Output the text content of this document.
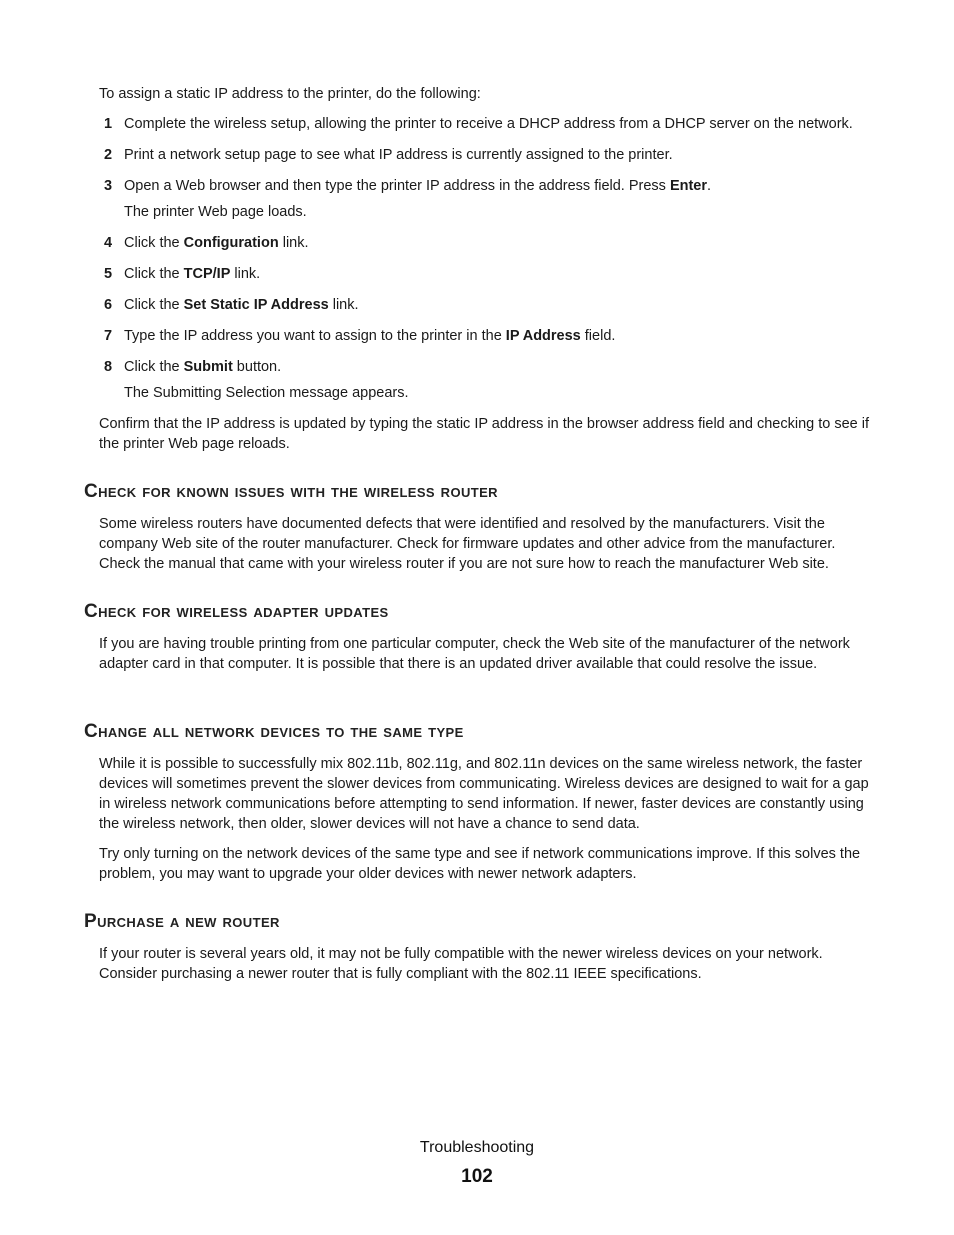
To assign a static IP address to the printer, do the following:

1 Complete the wireless setup, allowing the printer to receive a DHCP address from a DHCP server on the network.
2 Print a network setup page to see what IP address is currently assigned to the printer.
3 Open a Web browser and then type the printer IP address in the address field. Press Enter.
The printer Web page loads.
4 Click the Configuration link.
5 Click the TCP/IP link.
6 Click the Set Static IP Address link.
7 Type the IP address you want to assign to the printer in the IP Address field.
8 Click the Submit button.
The Submitting Selection message appears.

Confirm that the IP address is updated by typing the static IP address in the browser address field and checking to see if the printer Web page reloads.

Check for known issues with the wireless router

Some wireless routers have documented defects that were identified and resolved by the manufacturers. Visit the company Web site of the router manufacturer. Check for firmware updates and other advice from the manufacturer. Check the manual that came with your wireless router if you are not sure how to reach the manufacturer Web site.

Check for wireless adapter updates

If you are having trouble printing from one particular computer, check the Web site of the manufacturer of the network adapter card in that computer. It is possible that there is an updated driver available that could resolve the issue.

Change all network devices to the same type

While it is possible to successfully mix 802.11b, 802.11g, and 802.11n devices on the same wireless network, the faster devices will sometimes prevent the slower devices from communicating. Wireless devices are designed to wait for a gap in wireless network communications before attempting to send information. If newer, faster devices are constantly using the wireless network, then older, slower devices will not have a chance to send data.

Try only turning on the network devices of the same type and see if network communications improve. If this solves the problem, you may want to upgrade your older devices with newer network adapters.

Purchase a new router

If your router is several years old, it may not be fully compatible with the newer wireless devices on your network. Consider purchasing a newer router that is fully compliant with the 802.11 IEEE specifications.

Troubleshooting
102
